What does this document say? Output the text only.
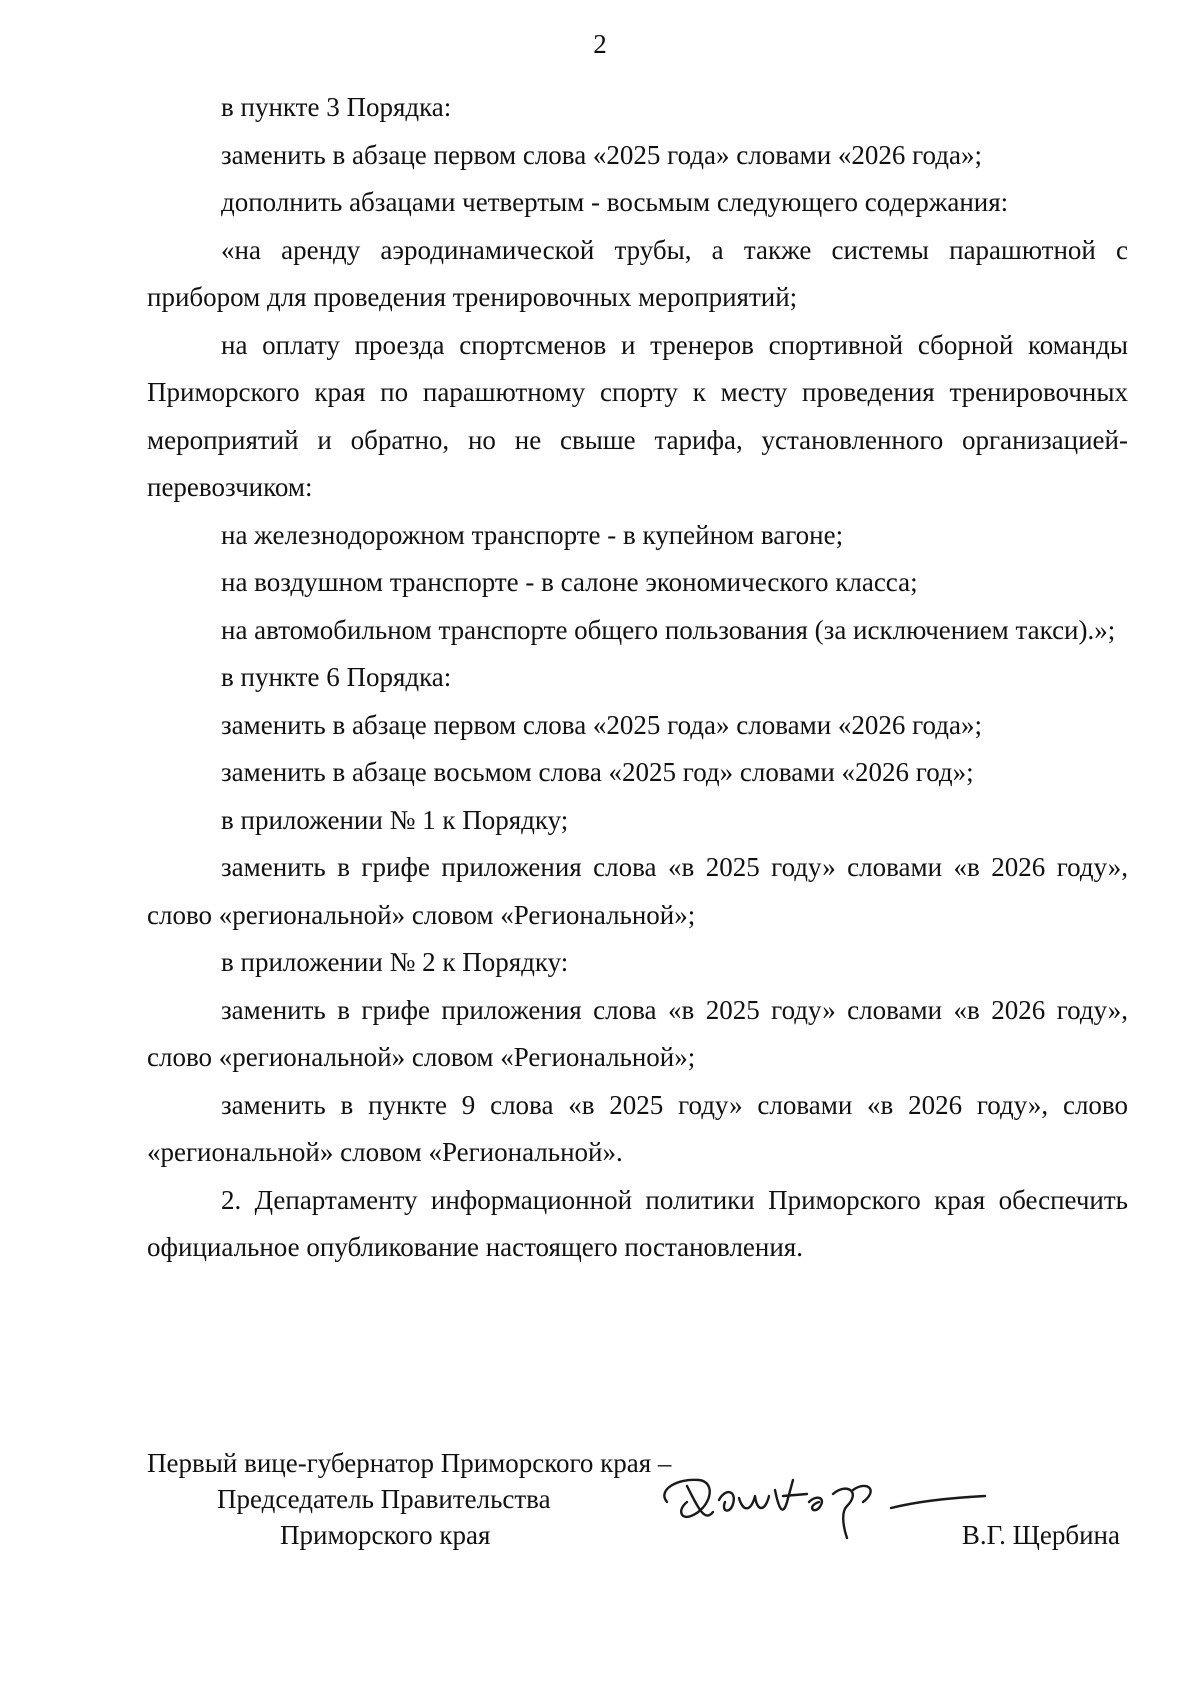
2

в пункте 3 Порядка:

заменить в абзаце первом слова «2025 года» словами «2026 года»;

дополнить абзацами четвертым - восьмым следующего содержания:

«на аренду аэродинамической трубы, а также системы парашютной с прибором для проведения тренировочных мероприятий;

на оплату проезда спортсменов и тренеров спортивной сборной команды Приморского края по парашютному спорту к месту проведения тренировочных мероприятий и обратно, но не свыше тарифа, установленного организацией-перевозчиком:

на железнодорожном транспорте - в купейном вагоне;

на воздушном транспорте - в салоне экономического класса;

на автомобильном транспорте общего пользования (за исключением такси).»;

в пункте 6 Порядка:

заменить в абзаце первом слова «2025 года» словами «2026 года»;

заменить в абзаце восьмом слова «2025 год» словами «2026 год»;

в приложении № 1 к Порядку;

заменить в грифе приложения слова «в 2025 году» словами «в 2026 году», слово «региональной» словом «Региональной»;

в приложении № 2 к Порядку:

заменить в грифе приложения слова «в 2025 году» словами «в 2026 году», слово «региональной» словом «Региональной»;

заменить в пункте 9 слова «в 2025 году» словами «в 2026 году», слово «региональной» словом «Региональной».

2. Департаменту информационной политики Приморского края обеспечить официальное опубликование настоящего постановления.

Первый вице-губернатор Приморского края –

Председатель Правительства

Приморского края	В.Г. Щербина
